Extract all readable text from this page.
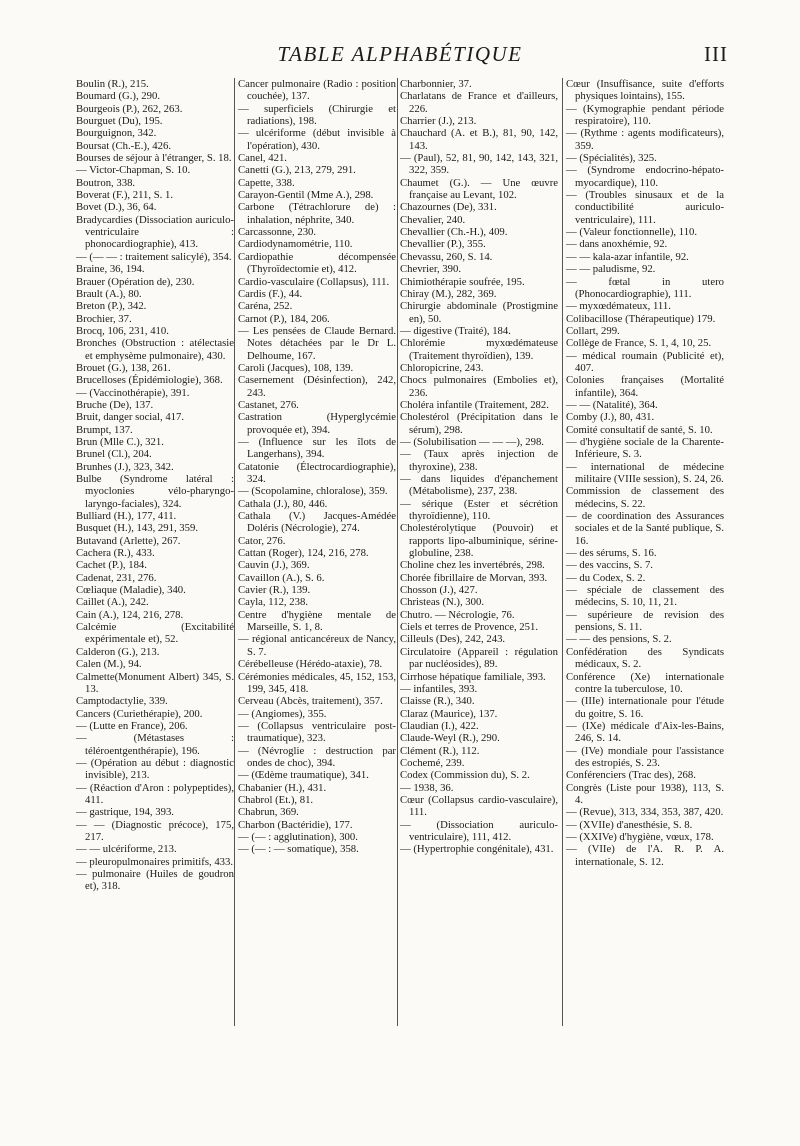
TABLE ALPHABÉTIQUE	III
Boulin (R.), 215.
Boumard (G.), 290.
Bourgeois (P.), 262, 263.
Bourguet (Du), 195.
Bourguignon, 342.
Boursat (Ch.-E.), 426.
Bourses de séjour à l'étranger, S. 18.
— Victor-Chapman, S. 10.
Boutron, 338.
Boverat (F.), 211, S. 1.
Bovet (D.), 36, 64.
Bradycardies (Dissociation auriculo-ventriculaire : phonocardiographie), 413.
— (— — : traitement salicylé), 354.
Braine, 36, 194.
Brauer (Opération de), 230.
Brault (A.), 80.
Breton (P.), 342.
Brochier, 37.
Brocq, 106, 231, 410.
Bronches (Obstruction : atélectasie et emphysème pulmonaire), 430.
Brouet (G.), 138, 261.
Brucelloses (Épidémiologie), 368.
— (Vaccinothérapie), 391.
Bruche (De), 137.
Bruit, danger social, 417.
Brumpt, 137.
Brun (Mlle C.), 321.
Brunel (Cl.), 204.
Brunhes (J.), 323, 342.
Bulbe (Syndrome latéral : myoclonies vélo-pharyngo-laryngo-faciales), 324.
Bulliard (H.), 177, 411.
Busquet (H.), 143, 291, 359.
Butavand (Arlette), 267.
Cachera (R.), 433.
Cachet (P.), 184.
Cadenat, 231, 276.
Cœliaque (Maladie), 340.
Caillet (A.), 242.
Cain (A.), 124, 216, 278.
Calcémie (Excitabilité expérimentale et), 52.
Calderon (G.), 213.
Calen (M.), 94.
Calmette(Monument Albert) 345, S. 13.
Camptodactylie, 339.
Cancers (Curiethérapie), 200.
— (Lutte en France), 206.
— (Métastases : téléroentgenthérapie), 196.
— (Opération au début : diagnostic invisible), 213.
— (Réaction d'Aron : polypeptides), 411.
— gastrique, 194, 393.
— — (Diagnostic précoce), 175, 217.
— — ulcériforme, 213.
— pleuropulmonaires primitifs, 433.
— pulmonaire (Huiles de goudron et), 318.
Cancer pulmonaire (Radio : position couchée), 137.
— superficiels (Chirurgie et radiations), 198.
— ulcériforme (début invisible à l'opération), 430.
Canel, 421.
Canetti (G.), 213, 279, 291.
Capette, 338.
Carayon-Gentil (Mme A.), 298.
Carbone (Tétrachlorure de) : inhalation, néphrite, 340.
Carcassonne, 230.
Cardiodynamométrie, 110.
Cardiopathie décompensée (Thyroïdectomie et), 412.
Cardio-vasculaire (Collapsus), 111.
Cardis (F.), 44.
Caréna, 252.
Carnot (P.), 184, 206.
— Les pensées de Claude Bernard. Notes détachées par le Dr L. Delhoume, 167.
Caroli (Jacques), 108, 139.
Casernement (Désinfection), 242, 243.
Castanet, 276.
Castration (Hyperglycémie provoquée et), 394.
— (Influence sur les îlots de Langerhans), 394.
Catatonie (Électrocardiographie), 324.
— (Scopolamine, chloralose), 359.
Cathala (J.), 80, 446.
Cathala (V.) Jacques-Amédée Doléris (Nécrologie), 274.
Cator, 276.
Cattan (Roger), 124, 216, 278.
Cauvin (J.), 369.
Cavaillon (A.), S. 6.
Cavier (R.), 139.
Cayla, 112, 238.
Centre d'hygiène mentale de Marseille, S. 1, 8.
— régional anticancéreux de Nancy, S. 7.
Cérébelleuse (Hérédo-ataxie), 78.
Cérémonies médicales, 45, 152, 153, 199, 345, 418.
Cerveau (Abcès, traitement), 357.
— (Angiomes), 355.
— (Collapsus ventriculaire post-traumatique), 323.
— (Névroglie : destruction par ondes de choc), 394.
— (Œdème traumatique), 341.
Chabanier (H.), 431.
Chabrol (Et.), 81.
Chabrun, 369.
Charbon (Bactéridie), 177.
— (— : agglutination), 300.
— (— : — somatique), 358.
Charbonnier, 37.
Charlatans de France et d'ailleurs, 226.
Charrier (J.), 213.
Chauchard (A. et B.), 81, 90, 142, 143.
— (Paul), 52, 81, 90, 142, 143, 321, 322, 359.
Chaumet (G.). — Une œuvre française au Levant, 102.
Chazournes (De), 331.
Chevalier, 240.
Chevallier (Ch.-H.), 409.
Chevallier (P.), 355.
Chevassu, 260, S. 14.
Chevrier, 390.
Chimiothérapie soufrée, 195.
Chiray (M.), 282, 369.
Chirurgie abdominale (Prostigmine en), 50.
— digestive (Traité), 184.
Chlorémie myxœdémateuse (Traitement thyroïdien), 139.
Chloropicrine, 243.
Chocs pulmonaires (Embolies et), 236.
Choléra infantile (Traitement, 282.
Cholestérol (Précipitation dans le sérum), 298.
— (Solubilisation — — —), 298.
— (Taux après injection de thyroxine), 238.
— dans liquides d'épanchement (Métabolisme), 237, 238.
— sérique (Ester et sécrétion thyroïdienne), 110.
Cholestérolytique (Pouvoir) et rapports lipo-albuminique, sérine-globuline, 238.
Choline chez les invertébrés, 298.
Chorée fibrillaire de Morvan, 393.
Chosson (J.), 427.
Christeas (N.), 300.
Chutro. — Nécrologie, 76.
Ciels et terres de Provence, 251.
Cilleuls (Des), 242, 243.
Circulatoire (Appareil : régulation par nucléosides), 89.
Cirrhose hépatique familiale, 393.
— infantiles, 393.
Claisse (R.), 340.
Claraz (Maurice), 137.
Claudian (I.), 422.
Claude-Weyl (R.), 290.
Clément (R.), 112.
Cochemé, 239.
Codex (Commission du), S. 2.
— 1938, 36.
Cœur (Collapsus cardio-vasculaire), 111.
— (Dissociation auriculo-ventriculaire), 111, 412.
— (Hypertrophie congénitale), 431.
Cœur (Insuffisance, suite d'efforts physiques lointains), 155.
— (Kymographie pendant période respiratoire), 110.
— (Rythme : agents modificateurs), 359.
— (Spécialités), 325.
— (Syndrome endocrino-hépato-myocardique), 110.
— (Troubles sinusaux et de la conductibilité auriculo-ventriculaire), 111.
— (Valeur fonctionnelle), 110.
— dans anoxhémie, 92.
— — kala-azar infantile, 92.
— — paludisme, 92.
— fœtal in utero (Phonocardiographie), 111.
— myxœdémateux, 111.
Colibacillose (Thérapeutique) 179.
Collart, 299.
Collège de France, S. 1, 4, 10, 25.
— médical roumain (Publicité et), 407.
Colonies françaises (Mortalité infantile), 364.
— — (Natalité), 364.
Comby (J.), 80, 431.
Comité consultatif de santé, S. 10.
— d'hygiène sociale de la Charente-Inférieure, S. 3.
— international de médecine militaire (VIIIe session), S. 24, 26.
Commission de classement des médecins, S. 22.
— de coordination des Assurances sociales et de la Santé publique, S. 16.
— des sérums, S. 16.
— des vaccins, S. 7.
— du Codex, S. 2.
— spéciale de classement des médecins, S. 10, 11, 21.
— supérieure de revision des pensions, S. 11.
— — des pensions, S. 2.
Confédération des Syndicats médicaux, S. 2.
Conférence (Xe) internationale contre la tuberculose, 10.
— (IIIe) internationale pour l'étude du goitre, S. 16.
— (IXe) médicale d'Aix-les-Bains, 246, S. 14.
— (IVe) mondiale pour l'assistance des estropiés, S. 23.
Conférenciers (Trac des), 268.
Congrès (Liste pour 1938), 113, S. 4.
— (Revue), 313, 334, 353, 387, 420.
— (XVIIe) d'anesthésie, S. 8.
— (XXIVe) d'hygiène, vœux, 178.
— (VIIe) de l'A. R. P. A. internationale, S. 12.
